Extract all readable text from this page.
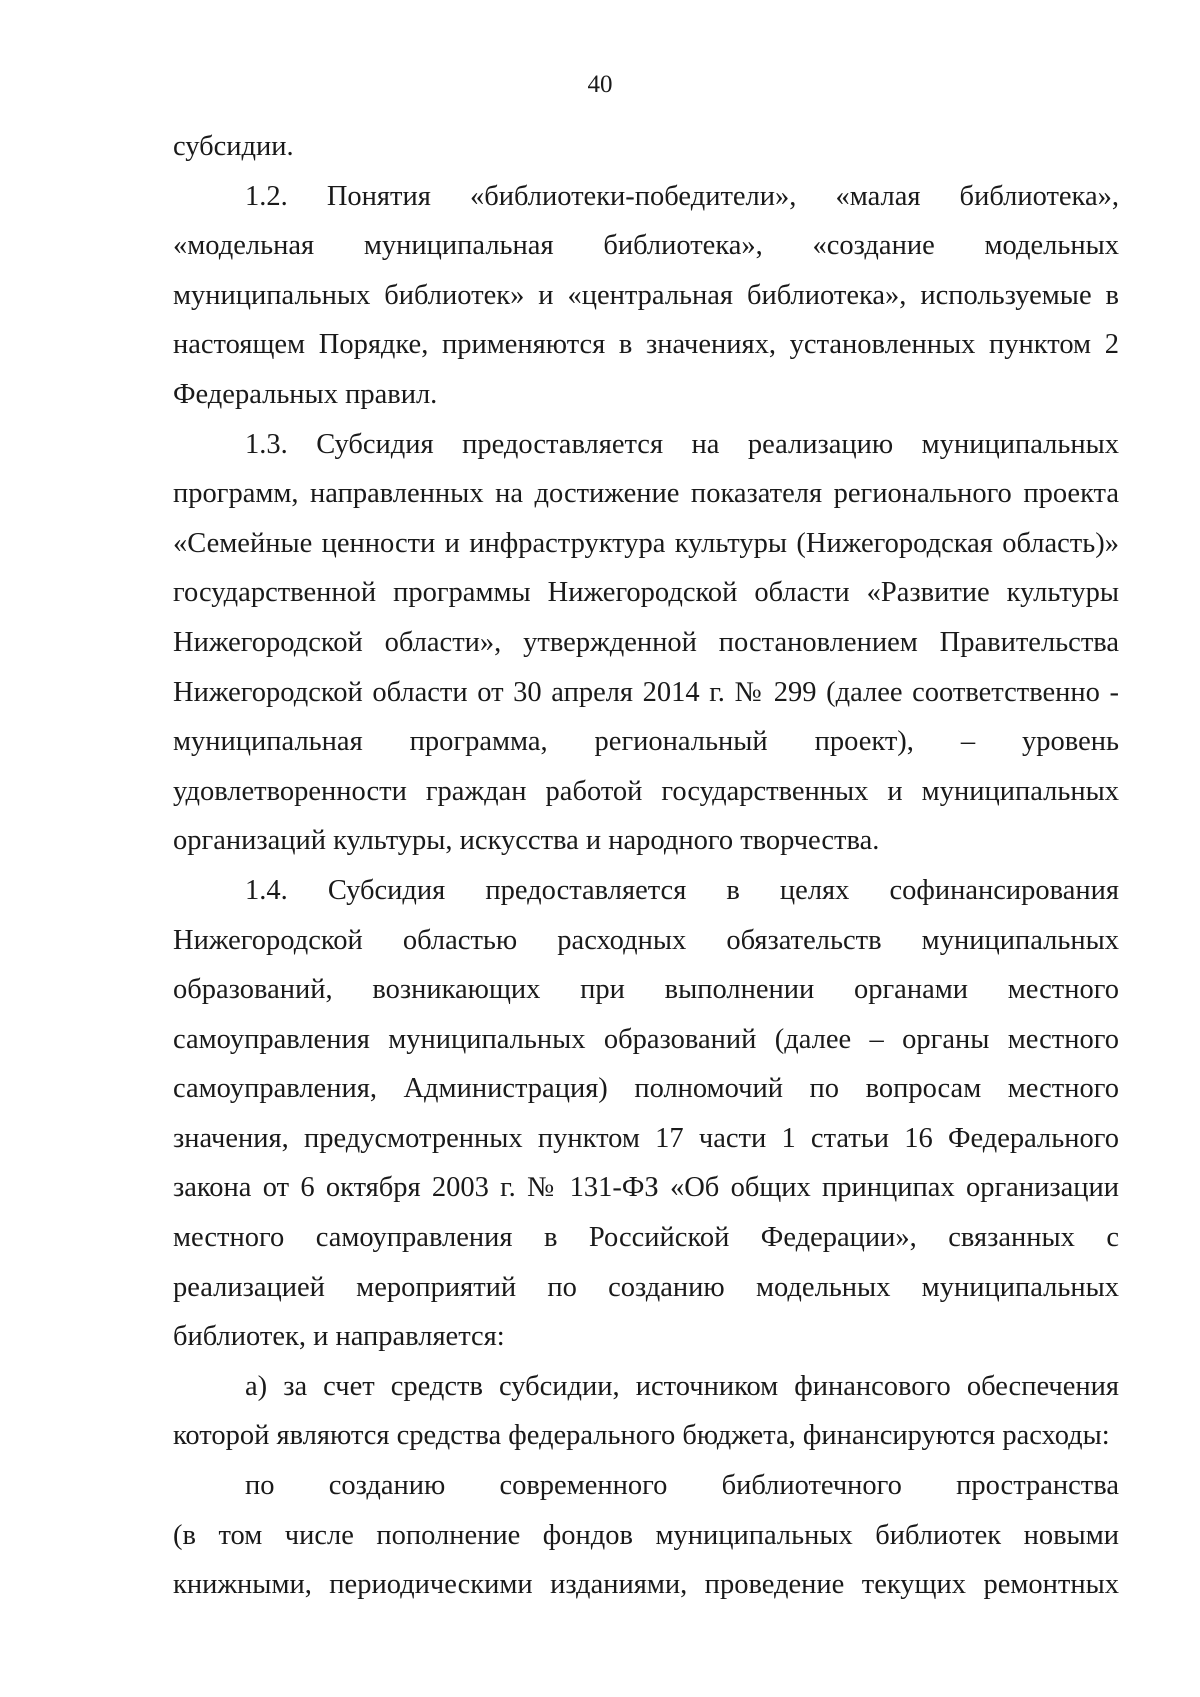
40

субсидии.

1.2. Понятия «библиотеки-победители», «малая библиотека», «модельная муниципальная библиотека», «создание модельных муниципальных библиотек» и «центральная библиотека», используемые в настоящем Порядке, применяются в значениях, установленных пунктом 2 Федеральных правил.

1.3. Субсидия предоставляется на реализацию муниципальных программ, направленных на достижение показателя регионального проекта «Семейные ценности и инфраструктура культуры (Нижегородская область)» государственной программы Нижегородской области «Развитие культуры Нижегородской области», утвержденной постановлением Правительства Нижегородской области от 30 апреля 2014 г. № 299 (далее соответственно - муниципальная программа, региональный проект), – уровень удовлетворенности граждан работой государственных и муниципальных организаций культуры, искусства и народного творчества.

1.4. Субсидия предоставляется в целях софинансирования Нижегородской областью расходных обязательств муниципальных образований, возникающих при выполнении органами местного самоуправления муниципальных образований (далее – органы местного самоуправления, Администрация) полномочий по вопросам местного значения, предусмотренных пунктом 17 части 1 статьи 16 Федерального закона от 6 октября 2003 г. № 131-ФЗ «Об общих принципах организации местного самоуправления в Российской Федерации», связанных с реализацией мероприятий по созданию модельных муниципальных библиотек, и направляется:

а) за счет средств субсидии, источником финансового обеспечения которой являются средства федерального бюджета, финансируются расходы:

по созданию современного библиотечного пространства
(в том числе пополнение фондов муниципальных библиотек новыми
книжными, периодическими изданиями, проведение текущих ремонтных
